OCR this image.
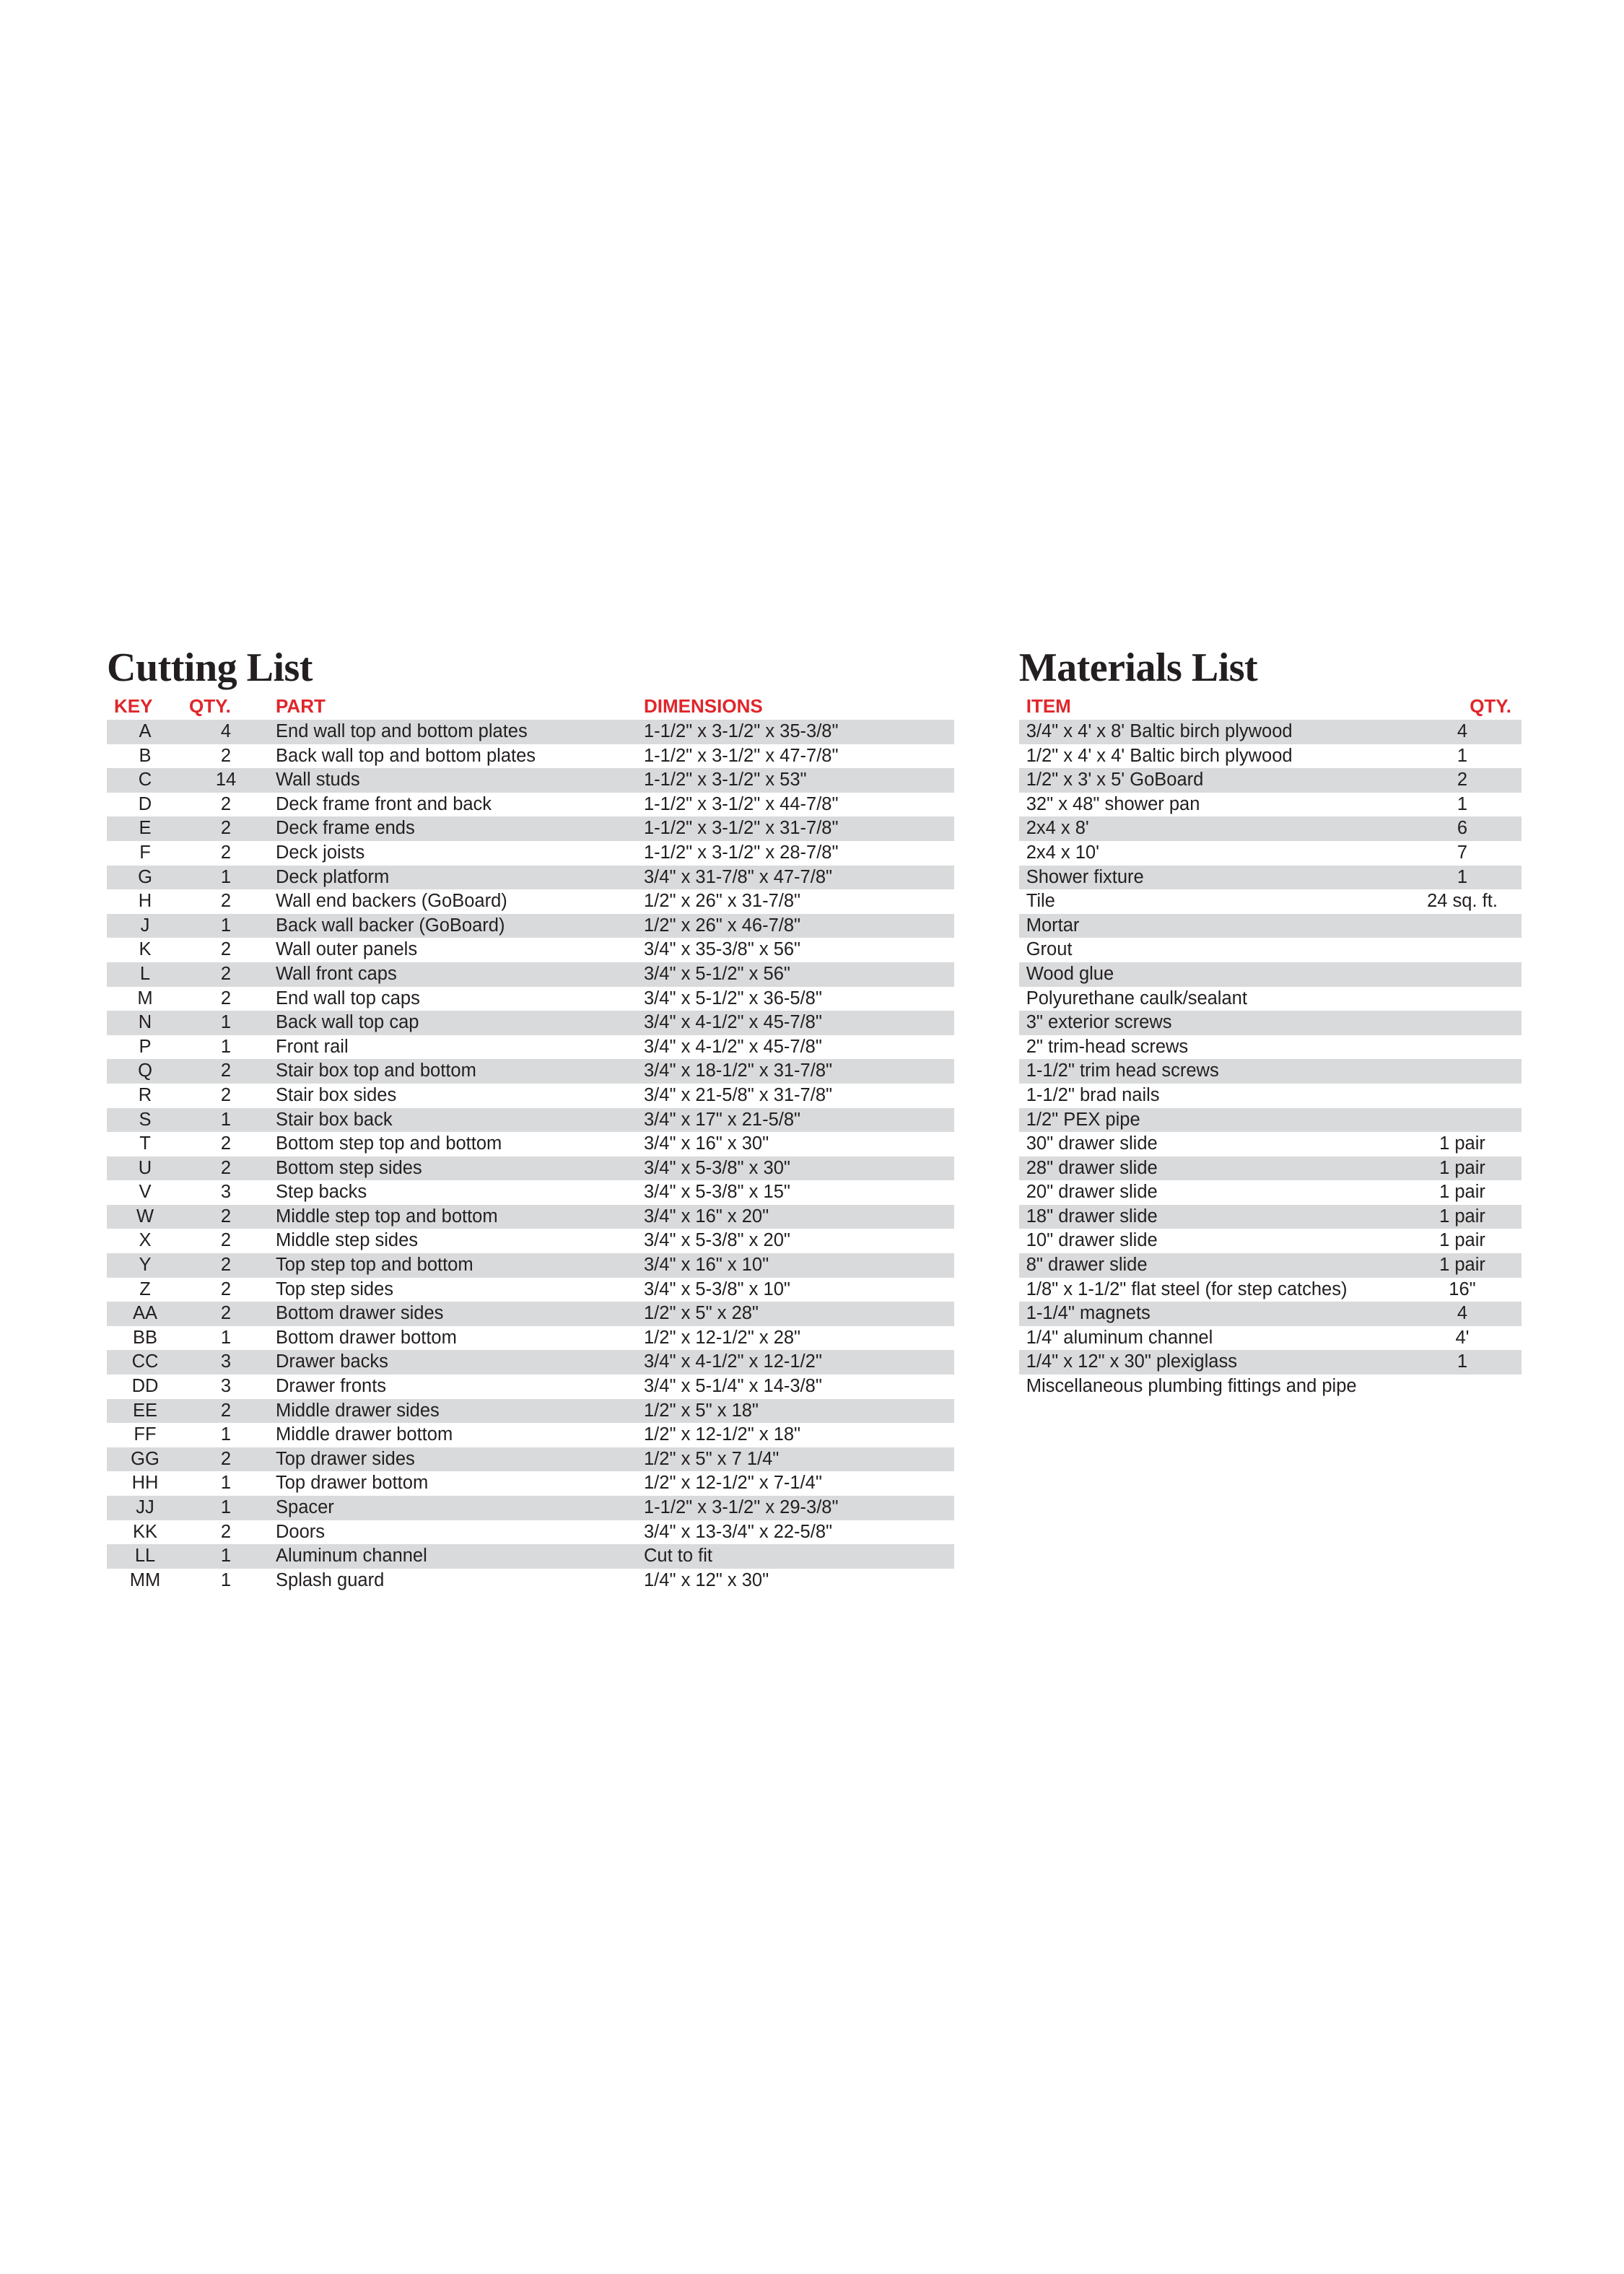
Cutting List
KEY	QTY.	PART	DIMENSIONS
A	4	End wall top and bottom plates	1-1/2" x 3-1/2" x 35-3/8"
B	2	Back wall top and bottom plates	1-1/2" x 3-1/2" x 47-7/8"
C	14	Wall studs	1-1/2" x 3-1/2" x 53"
D	2	Deck frame front and back	1-1/2" x 3-1/2" x 44-7/8"
E	2	Deck frame ends	1-1/2" x 3-1/2" x 31-7/8"
F	2	Deck joists	1-1/2" x 3-1/2" x 28-7/8"
G	1	Deck platform	3/4" x 31-7/8" x 47-7/8"
H	2	Wall end backers (GoBoard)	1/2" x 26" x 31-7/8"
J	1	Back wall backer (GoBoard)	1/2" x 26" x 46-7/8"
K	2	Wall outer panels	3/4" x 35-3/8" x 56"
L	2	Wall front caps	3/4" x 5-1/2" x 56"
M	2	End wall top caps	3/4" x 5-1/2" x 36-5/8"
N	1	Back wall top cap	3/4" x 4-1/2" x 45-7/8"
P	1	Front rail	3/4" x 4-1/2" x 45-7/8"
Q	2	Stair box top and bottom	3/4" x 18-1/2" x 31-7/8"
R	2	Stair box sides	3/4" x 21-5/8" x 31-7/8"
S	1	Stair box back	3/4" x 17" x 21-5/8"
T	2	Bottom step top and bottom	3/4" x 16" x 30"
U	2	Bottom step sides	3/4" x 5-3/8" x 30"
V	3	Step backs	3/4" x 5-3/8" x 15"
W	2	Middle step top and bottom	3/4" x 16" x 20"
X	2	Middle step sides	3/4" x 5-3/8" x 20"
Y	2	Top step top and bottom	3/4" x 16" x 10"
Z	2	Top step sides	3/4" x 5-3/8" x 10"
AA	2	Bottom drawer sides	1/2" x 5" x 28"
BB	1	Bottom drawer bottom	1/2" x 12-1/2" x 28"
CC	3	Drawer backs	3/4" x 4-1/2" x 12-1/2"
DD	3	Drawer fronts	3/4" x 5-1/4" x 14-3/8"
EE	2	Middle drawer sides	1/2" x 5" x 18"
FF	1	Middle drawer bottom	1/2" x 12-1/2" x 18"
GG	2	Top drawer sides	1/2" x 5" x 7 1/4"
HH	1	Top drawer bottom	1/2" x 12-1/2" x 7-1/4"
JJ	1	Spacer	1-1/2" x 3-1/2" x 29-3/8"
KK	2	Doors	3/4" x 13-3/4" x 22-5/8"
LL	1	Aluminum channel	Cut to fit
MM	1	Splash guard	1/4" x 12" x 30"
Materials List
ITEM	QTY.
3/4" x 4' x 8' Baltic birch plywood	4
1/2" x 4' x 4' Baltic birch plywood	1
1/2" x 3' x 5' GoBoard	2
32" x 48" shower pan	1
2x4 x 8'	6
2x4 x 10'	7
Shower fixture	1
Tile	24 sq. ft.
Mortar	
Grout	
Wood glue	
Polyurethane caulk/sealant	
3" exterior screws	
2" trim-head screws	
1-1/2" trim head screws	
1-1/2" brad nails	
1/2" PEX pipe	
30" drawer slide	1 pair
28" drawer slide	1 pair
20" drawer slide	1 pair
18" drawer slide	1 pair
10" drawer slide	1 pair
8" drawer slide	1 pair
1/8" x 1-1/2" flat steel (for step catches)	16"
1-1/4" magnets	4
1/4" aluminum channel	4'
1/4" x 12" x 30" plexiglass	1
Miscellaneous plumbing fittings and pipe	
